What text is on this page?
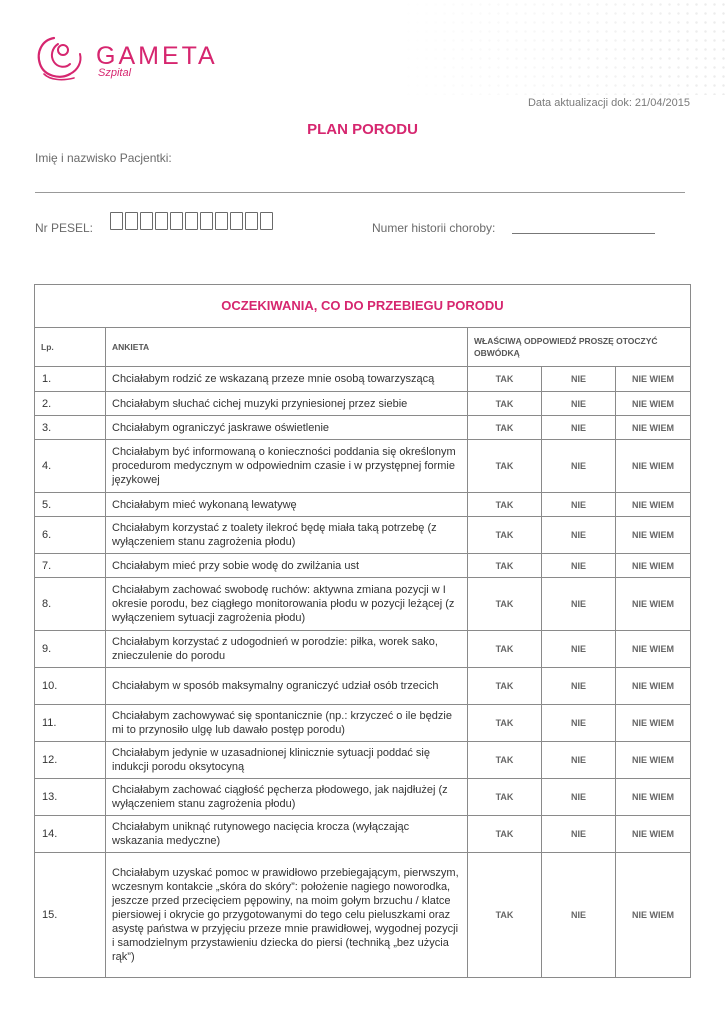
GAMETA
Szpital
Data aktualizacji dok: 21/04/2015
PLAN PORODU
Imię i nazwisko Pacjentki:
Nr PESEL:	Numer historii choroby:
OCZEKIWANIA, CO DO PRZEBIEGU PORODU				
Lp.	ANKIETA	WŁAŚCIWĄ ODPOWIEDŹ PROSZĘ OTOCZYĆ OBWÓDKĄ		
1.	Chciałabym rodzić ze wskazaną przeze mnie osobą towarzyszącą	TAK	NIE	NIE WIEM
2.	Chciałabym słuchać cichej muzyki przyniesionej przez siebie	TAK	NIE	NIE WIEM
3.	Chciałabym ograniczyć jaskrawe oświetlenie	TAK	NIE	NIE WIEM
4.	Chciałabym być informowaną o konieczności poddania się określonym procedurom medycznym w odpowiednim czasie i w przystępnej formie językowej	TAK	NIE	NIE WIEM
5.	Chciałabym mieć wykonaną lewatywę	TAK	NIE	NIE WIEM
6.	Chciałabym korzystać z toalety ilekroć będę miała taką potrzebę (z wyłączeniem stanu zagrożenia płodu)	TAK	NIE	NIE WIEM
7.	Chciałabym mieć przy sobie wodę do zwilżania ust	TAK	NIE	NIE WIEM
8.	Chciałabym zachować swobodę ruchów: aktywna zmiana pozycji w I okresie porodu, bez ciągłego monitorowania płodu w pozycji leżącej (z wyłączeniem sytuacji zagrożenia płodu)	TAK	NIE	NIE WIEM
9.	Chciałabym korzystać z udogodnień w porodzie: piłka, worek sako, znieczulenie do porodu	TAK	NIE	NIE WIEM
10.	Chciałabym w sposób maksymalny ograniczyć udział osób trzecich	TAK	NIE	NIE WIEM
11.	Chciałabym zachowywać się spontanicznie (np.: krzyczeć o ile będzie mi to przynosiło ulgę lub dawało postęp porodu)	TAK	NIE	NIE WIEM
12.	Chciałabym jedynie w uzasadnionej klinicznie sytuacji poddać się indukcji porodu oksytocyną	TAK	NIE	NIE WIEM
13.	Chciałabym zachować ciągłość pęcherza płodowego, jak najdłużej (z wyłączeniem stanu zagrożenia płodu)	TAK	NIE	NIE WIEM
14.	Chciałabym uniknąć rutynowego nacięcia krocza (wyłączając wskazania medyczne)	TAK	NIE	NIE WIEM
15.	Chciałabym uzyskać pomoc w prawidłowo przebiegającym, pierwszym, wczesnym kontakcie „skóra do skóry”: położenie nagiego noworodka, jeszcze przed przecięciem pępowiny, na moim gołym brzuchu / klatce piersiowej i okrycie go przygotowanymi do tego celu pieluszkami oraz asystę państwa w przyjęciu przeze mnie prawidłowej, wygodnej pozycji i samodzielnym przystawieniu dziecka do piersi (techniką „bez użycia rąk”)	TAK	NIE	NIE WIEM
